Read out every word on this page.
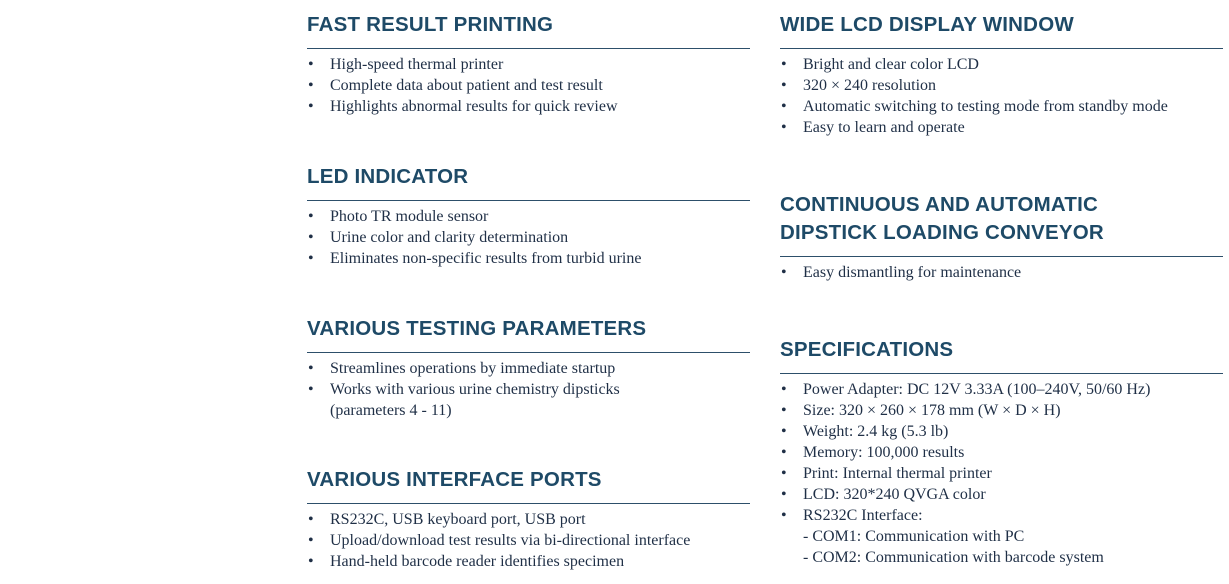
FAST RESULT PRINTING
• High-speed thermal printer
• Complete data about patient and test result
• Highlights abnormal results for quick review
LED INDICATOR
• Photo TR module sensor
• Urine color and clarity determination
• Eliminates non-specific results from turbid urine
VARIOUS TESTING PARAMETERS
• Streamlines operations by immediate startup
• Works with various urine chemistry dipsticks
(parameters 4 - 11)
VARIOUS INTERFACE PORTS
• RS232C, USB keyboard port, USB port
• Upload/download test results via bi-directional interface
• Hand-held barcode reader identifies specimen
WIDE LCD DISPLAY WINDOW
• Bright and clear color LCD
• 320 × 240 resolution
• Automatic switching to testing mode from standby mode
• Easy to learn and operate
CONTINUOUS AND AUTOMATIC
DIPSTICK LOADING CONVEYOR
• Easy dismantling for maintenance
SPECIFICATIONS
• Power Adapter: DC 12V 3.33A (100–240V, 50/60 Hz)
• Size: 320 × 260 × 178 mm (W × D × H)
• Weight: 2.4 kg (5.3 lb)
• Memory: 100,000 results
• Print: Internal thermal printer
• LCD: 320*240 QVGA color
• RS232C Interface:
- COM1: Communication with PC
- COM2: Communication with barcode system
